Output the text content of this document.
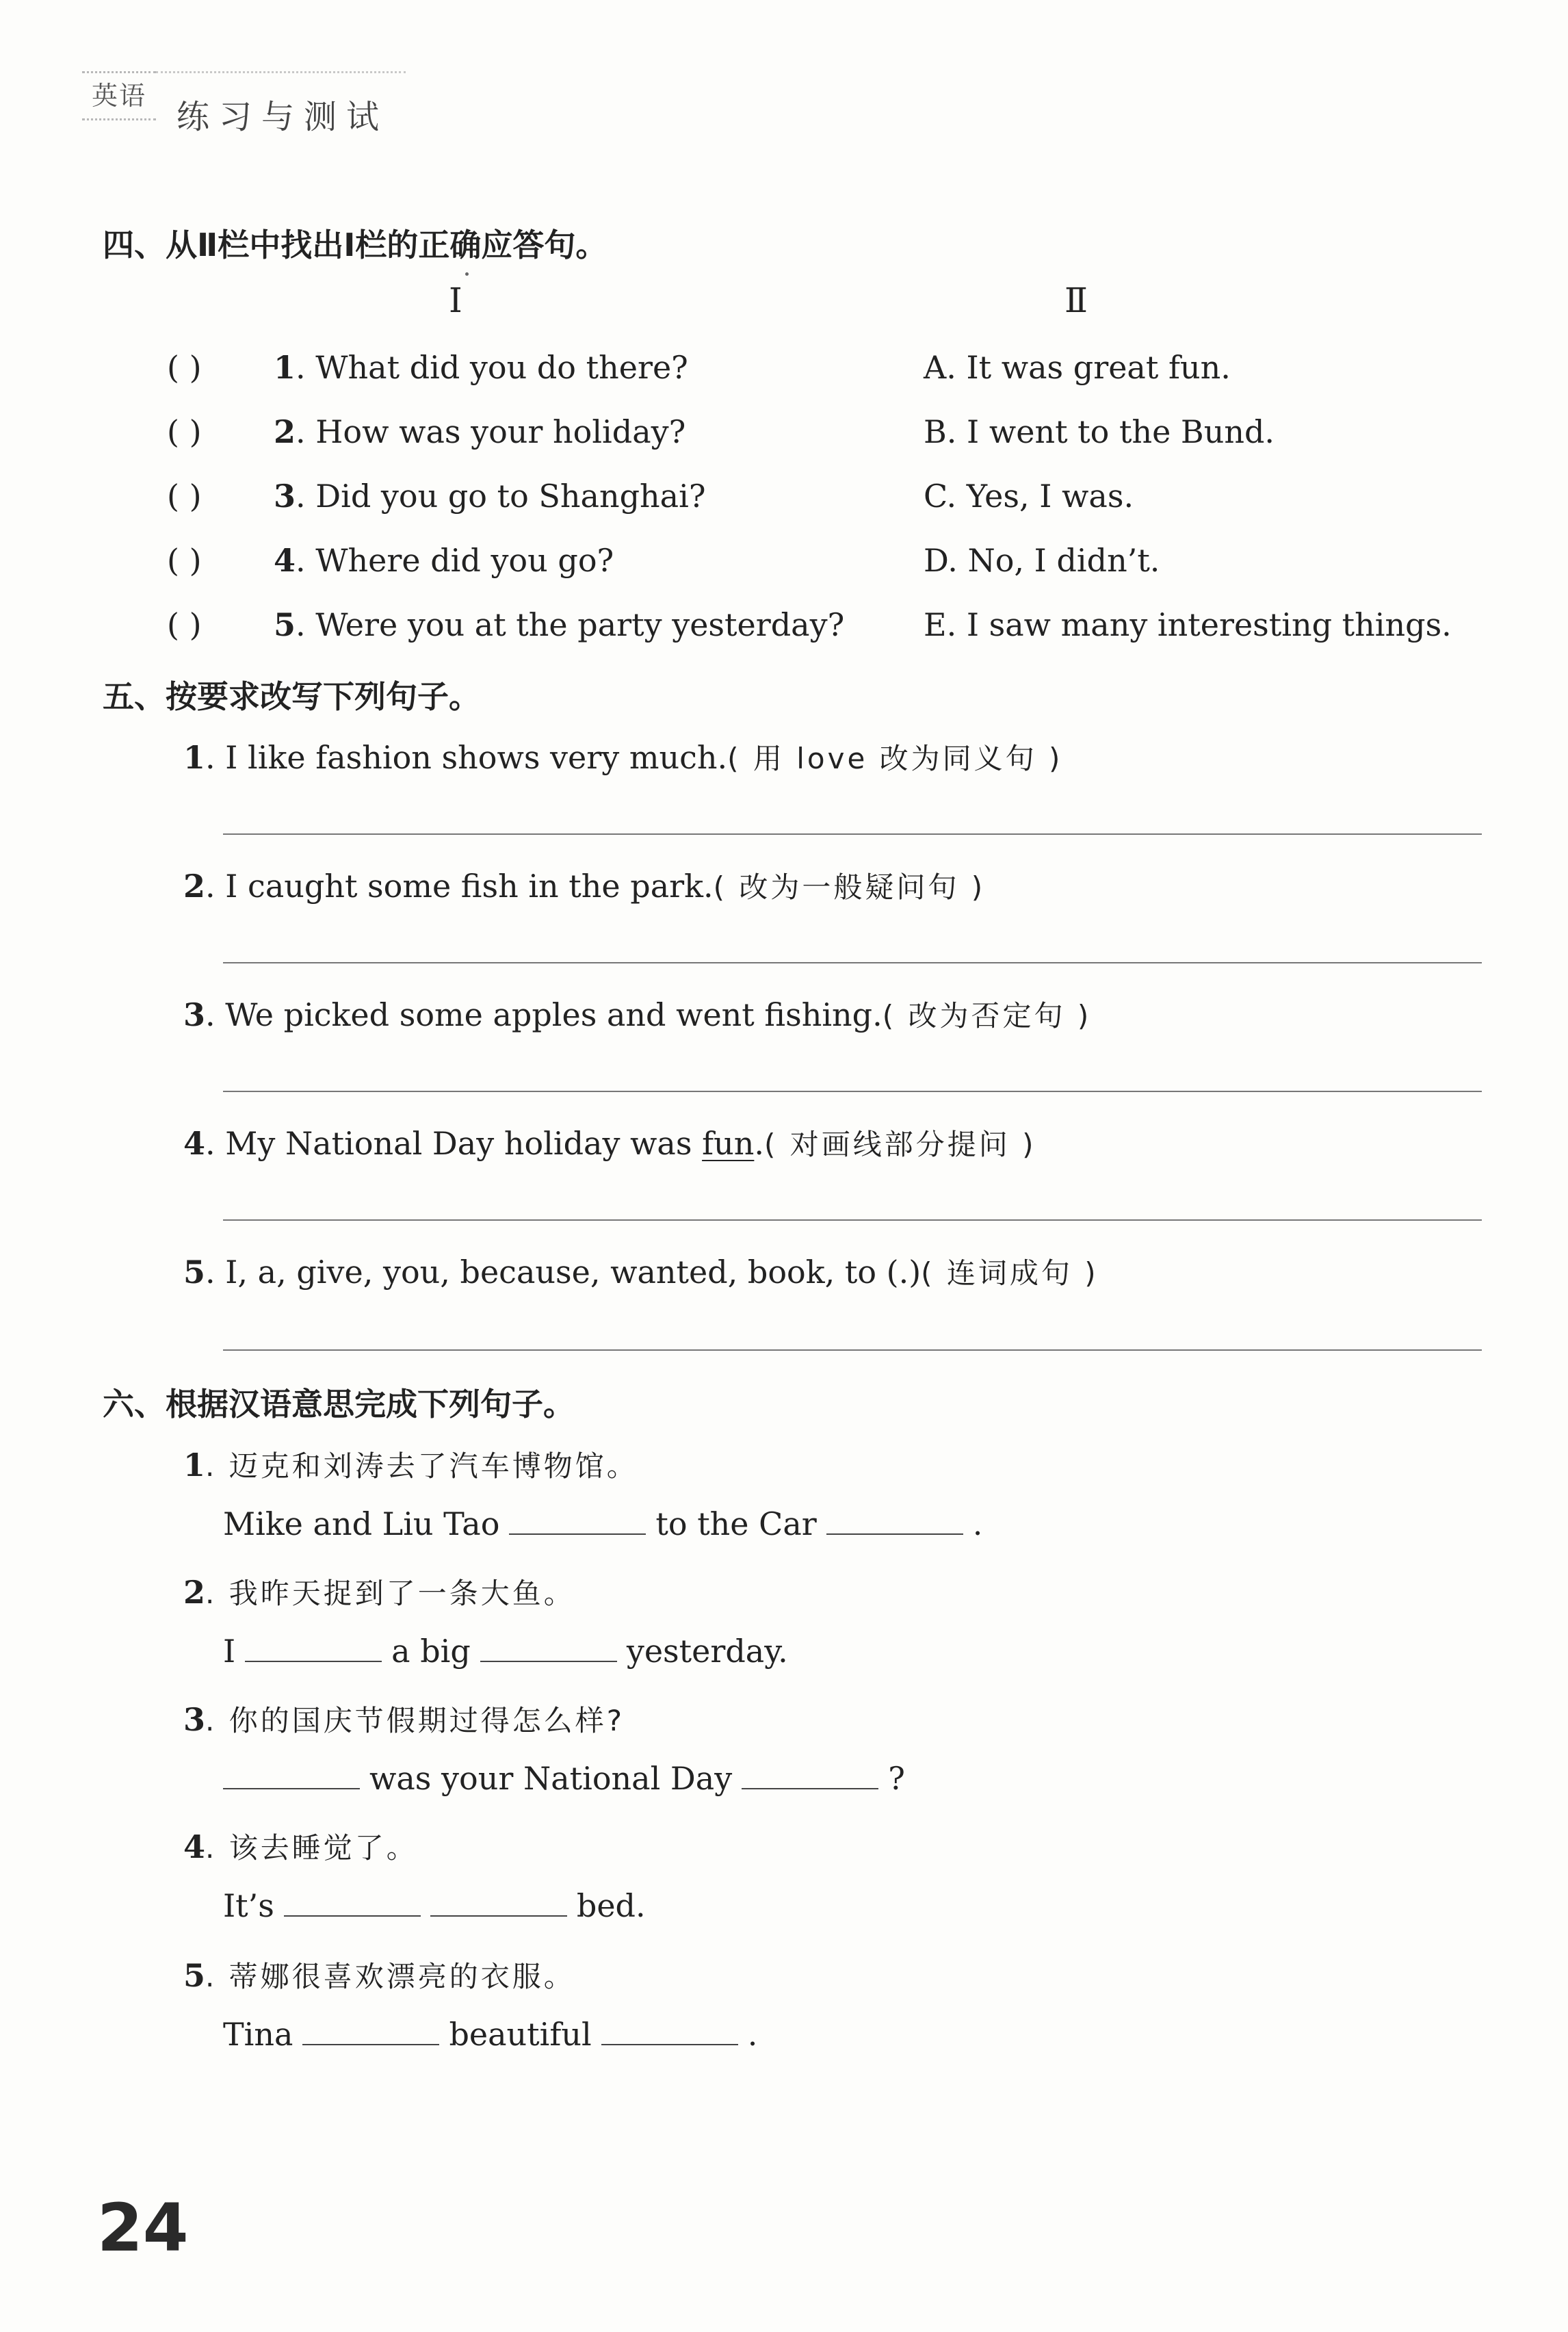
英语
练习与测试
四、从Ⅱ栏中找出Ⅰ栏的正确应答句。
Ⅰ	Ⅱ
( ) 1. What did you do there?	A. It was great fun.
( ) 2. How was your holiday?	B. I went to the Bund.
( ) 3. Did you go to Shanghai?	C. Yes, I was.
( ) 4. Where did you go?	D. No, I didn’t.
( ) 5. Were you at the party yesterday?	E. I saw many interesting things.
五、按要求改写下列句子。
1. I like fashion shows very much.( 用 love 改为同义句 )
2. I caught some fish in the park.( 改为一般疑问句 )
3. We picked some apples and went fishing.( 改为否定句 )
4. My National Day holiday was fun.( 对画线部分提问 )
5. I, a, give, you, because, wanted, book, to (.)( 连词成句 )
六、根据汉语意思完成下列句子。
1. 迈克和刘涛去了汽车博物馆。
Mike and Liu Tao	to the Car	.
2. 我昨天捉到了一条大鱼。
I	a big	yesterday.
3. 你的国庆节假期过得怎么样?
was your National Day	?
4. 该去睡觉了。
It’s	bed.
5. 蒂娜很喜欢漂亮的衣服。
Tina	beautiful	.
24
